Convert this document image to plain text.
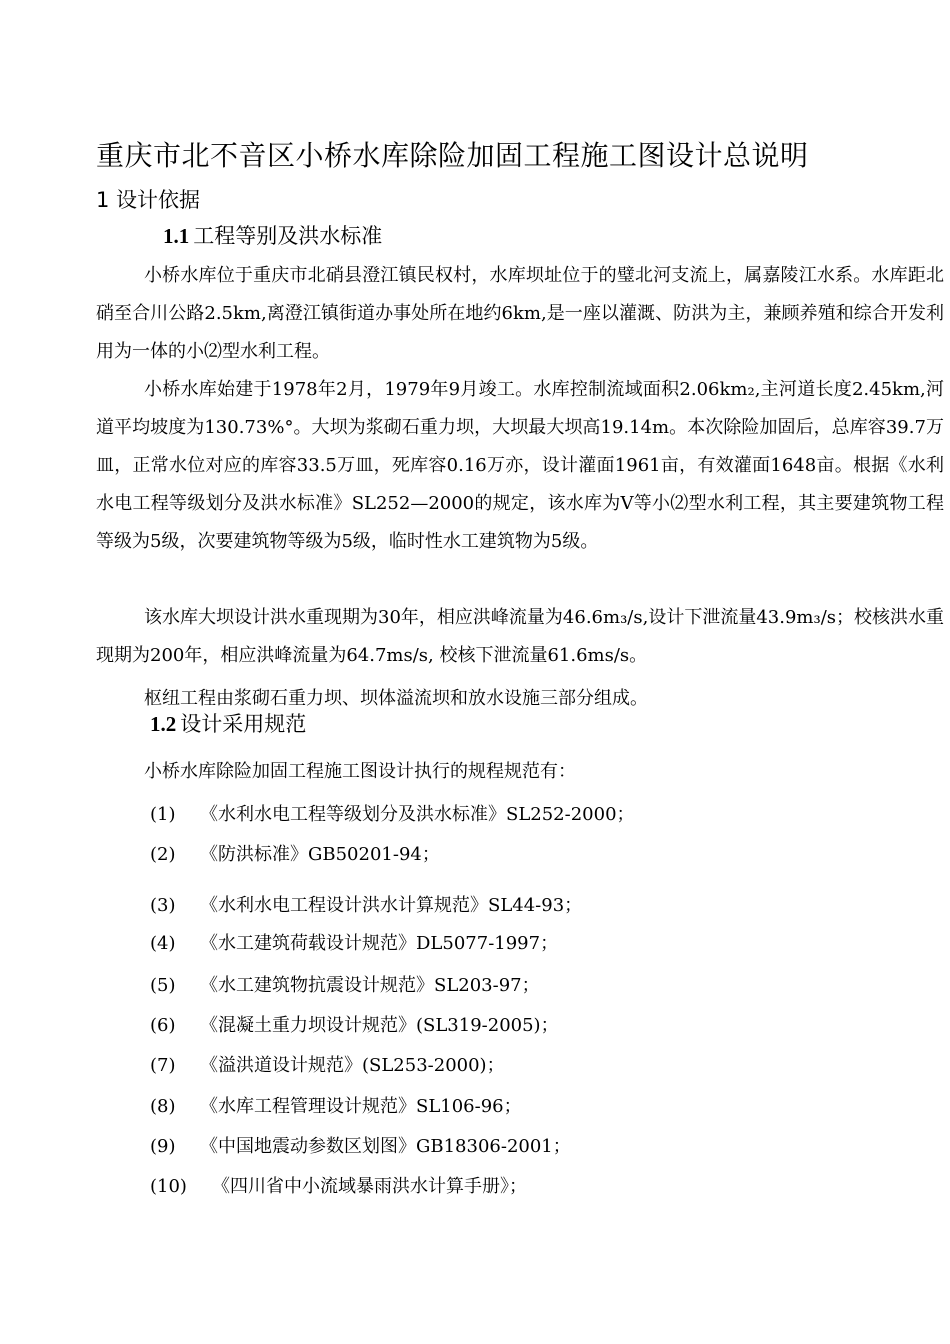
重庆市北不音区小桥水库除险加固工程施工图设计总说明
1 设计依据
1.1 工程等别及洪水标准
小桥水库位于重庆市北硝县澄江镇民权村，水库坝址位于的璧北河支流上，属嘉陵江水系。水库距北硝至合川公路2.5km,离澄江镇街道办事处所在地约6km,是一座以灌溉、防洪为主，兼顾养殖和综合开发利用为一体的小⑵型水利工程。
小桥水库始建于1978年2月，1979年9月竣工。水库控制流域面积2.06km₂,主河道长度2.45km,河道平均坡度为130.73%°。大坝为浆砌石重力坝，大坝最大坝高19.14m。本次除险加固后，总库容39.7万皿，正常水位对应的库容33.5万皿，死库容0.16万亦，设计灌面1961亩，有效灌面1648亩。根据《水利水电工程等级划分及洪水标准》SL252—2000的规定，该水库为V等小⑵型水利工程，其主要建筑物工程等级为5级，次要建筑物等级为5级，临时性水工建筑物为5级。
该水库大坝设计洪水重现期为30年，相应洪峰流量为46.6m₃/s,设计下泄流量43.9m₃/s；校核洪水重现期为200年，相应洪峰流量为64.7ms/s, 校核下泄流量61.6ms/s。
枢纽工程由浆砌石重力坝、坝体溢流坝和放水设施三部分组成。
1.2 设计采用规范
小桥水库除险加固工程施工图设计执行的规程规范有：
(1) 《水利水电工程等级划分及洪水标准》SL252-2000；
(2) 《防洪标准》GB50201-94；
(3) 《水利水电工程设计洪水计算规范》SL44-93；
(4) 《水工建筑荷载设计规范》DL5077-1997；
(5) 《水工建筑物抗震设计规范》SL203-97；
(6) 《混凝土重力坝设计规范》(SL319-2005)；
(7) 《溢洪道设计规范》(SL253-2000)；
(8) 《水库工程管理设计规范》SL106-96；
(9) 《中国地震动参数区划图》GB18306-2001；
(10) 《四川省中小流域暴雨洪水计算手册》；
